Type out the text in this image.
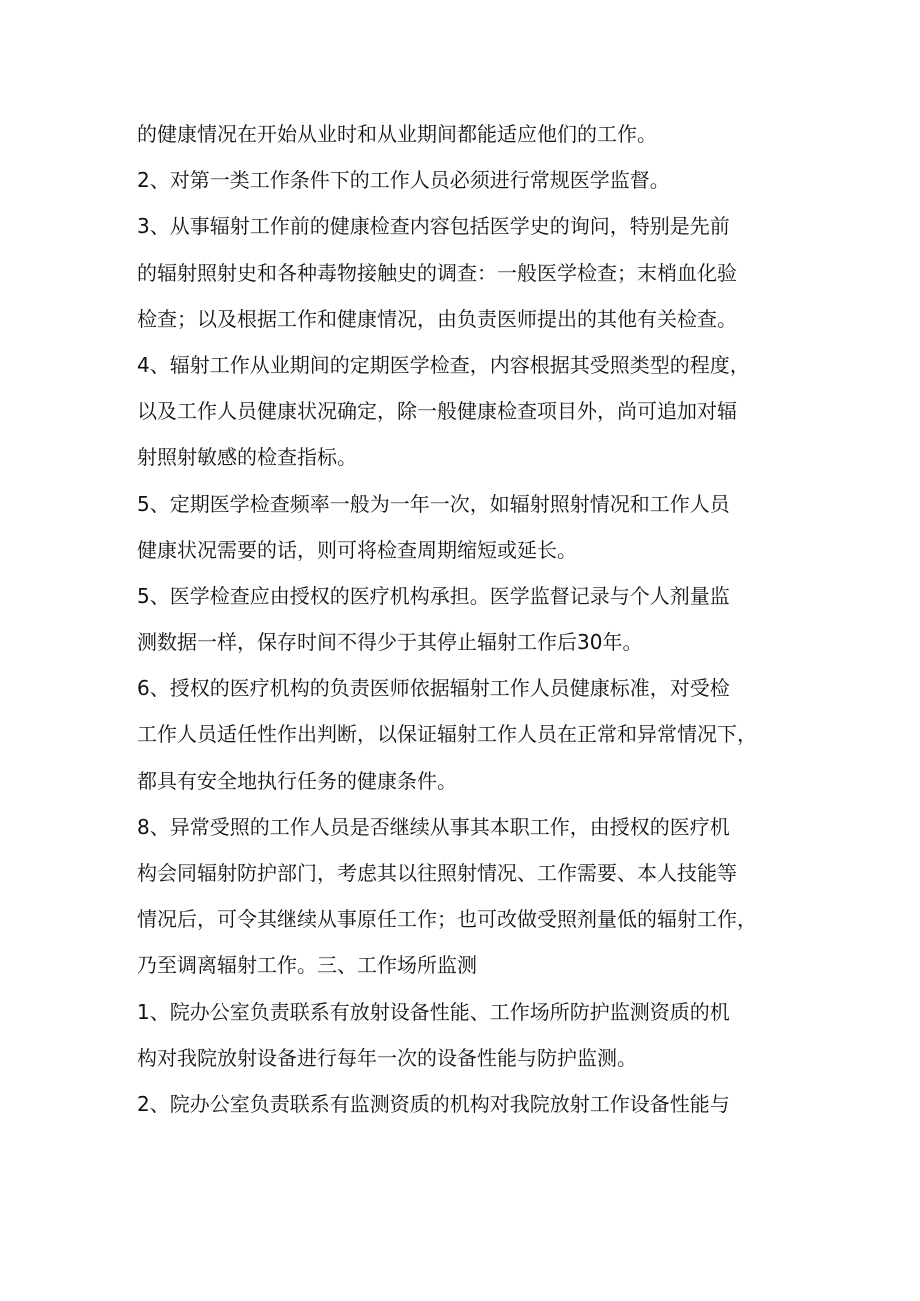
的健康情况在开始从业时和从业期间都能适应他们的工作。
2、对第一类工作条件下的工作人员必须进行常规医学监督。
3、从事辐射工作前的健康检查内容包括医学史的询问，特别是先前
的辐射照射史和各种毒物接触史的调查：一般医学检查；末梢血化验
检查；以及根据工作和健康情况，由负责医师提出的其他有关检查。
4、辐射工作从业期间的定期医学检查，内容根据其受照类型的程度，
以及工作人员健康状况确定，除一般健康检查项目外，尚可追加对辐
射照射敏感的检查指标。
5、定期医学检查频率一般为一年一次，如辐射照射情况和工作人员
健康状况需要的话，则可将检查周期缩短或延长。
5、医学检查应由授权的医疗机构承担。医学监督记录与个人剂量监
测数据一样，保存时间不得少于其停止辐射工作后30年。
6、授权的医疗机构的负责医师依据辐射工作人员健康标准，对受检
工作人员适任性作出判断，以保证辐射工作人员在正常和异常情况下，
都具有安全地执行任务的健康条件。
8、异常受照的工作人员是否继续从事其本职工作，由授权的医疗机
构会同辐射防护部门，考虑其以往照射情况、工作需要、本人技能等
情况后，可令其继续从事原任工作；也可改做受照剂量低的辐射工作，
乃至调离辐射工作。三、工作场所监测
1、院办公室负责联系有放射设备性能、工作场所防护监测资质的机
构对我院放射设备进行每年一次的设备性能与防护监测。
2、院办公室负责联系有监测资质的机构对我院放射工作设备性能与
